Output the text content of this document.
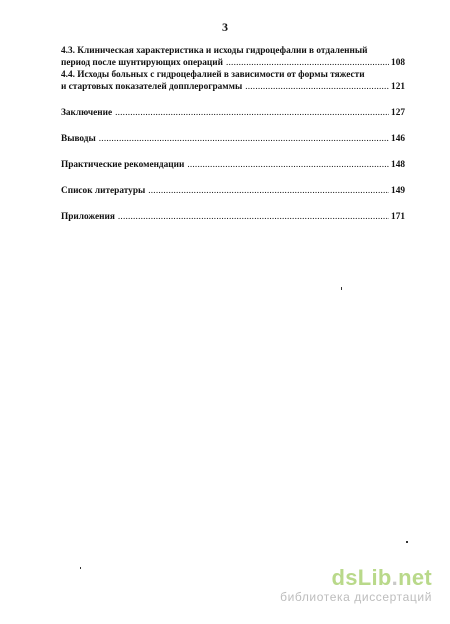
3
4.3. Клиническая характеристика и исходы гидроцефалии в отдаленный
период после шунтирующих операций .....	108
4.4. Исходы больных с гидроцефалией в зависимости от формы тяжести
и стартовых показателей допплерограммы .....	121
Заключение .....	127
Выводы .....	146
Практические рекомендации .....	148
Список литературы .....	149
Приложения .....	171
dsLib.net
библиотека диссертаций
